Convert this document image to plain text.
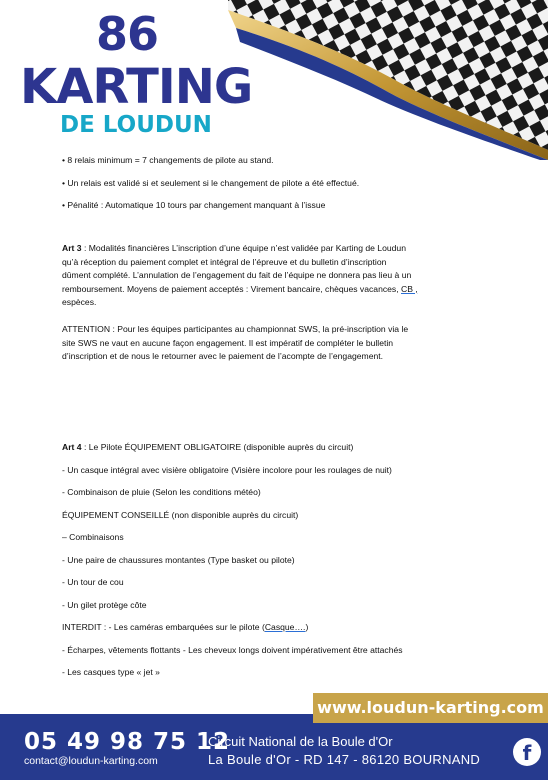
86
KARTING
DE LOUDUN

• 8 relais minimum = 7 changements de pilote au stand.

• Un relais est validé si et seulement si le changement de pilote a été effectué.

• Pénalité : Automatique 10 tours par changement manquant à l’issue

Art 3 : Modalités financières L’inscription d’une équipe n’est validée par Karting de Loudun

qu’à réception du paiement complet et intégral de l’épreuve et du bulletin d’inscription

dûment complété. L’annulation de l’engagement du fait de l’équipe ne donnera pas lieu à un

remboursement. Moyens de paiement acceptés : Virement bancaire, chèques vacances, CB ,

espèces.

ATTENTION : Pour les équipes participantes au championnat SWS, la pré-inscription via le

site SWS ne vaut en aucune façon engagement. Il est impératif de compléter le bulletin

d’inscription et de nous le retourner avec le paiement de l’acompte de l’engagement.

Art 4 : Le Pilote ÉQUIPEMENT OBLIGATOIRE (disponible auprès du circuit)

- Un casque intégral avec visière obligatoire (Visière incolore pour les roulages de nuit)

- Combinaison de pluie (Selon les conditions météo)

ÉQUIPEMENT CONSEILLÉ (non disponible auprès du circuit)

– Combinaisons

- Une paire de chaussures montantes (Type basket ou pilote)

- Un tour de cou

- Un gilet protège côte

INTERDIT : - Les caméras embarquées sur le pilote (Casque….)

- Écharpes, vêtements flottants - Les cheveux longs doivent impérativement être attachés

- Les casques type « jet »

www.loudun-karting.com
05 49 98 75 12
contact@loudun-karting.com
Circuit National de la Boule d'Or
La Boule d'Or - RD 147 - 86120 BOURNAND	f
